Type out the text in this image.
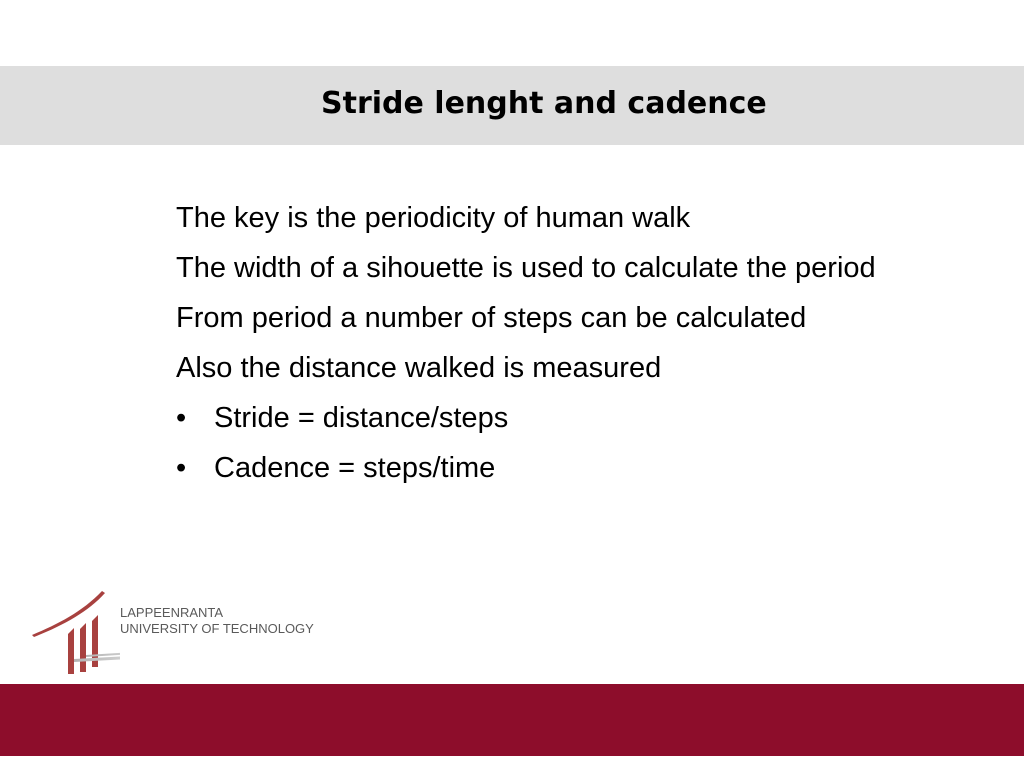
Stride lenght and cadence
The key is the periodicity of human walk
The width of a sihouette is used to calculate the period
From period a number of steps can be calculated
Also the distance walked is measured
• Stride = distance/steps
• Cadence = steps/time
LAPPEENRANTA
UNIVERSITY OF TECHNOLOGY
